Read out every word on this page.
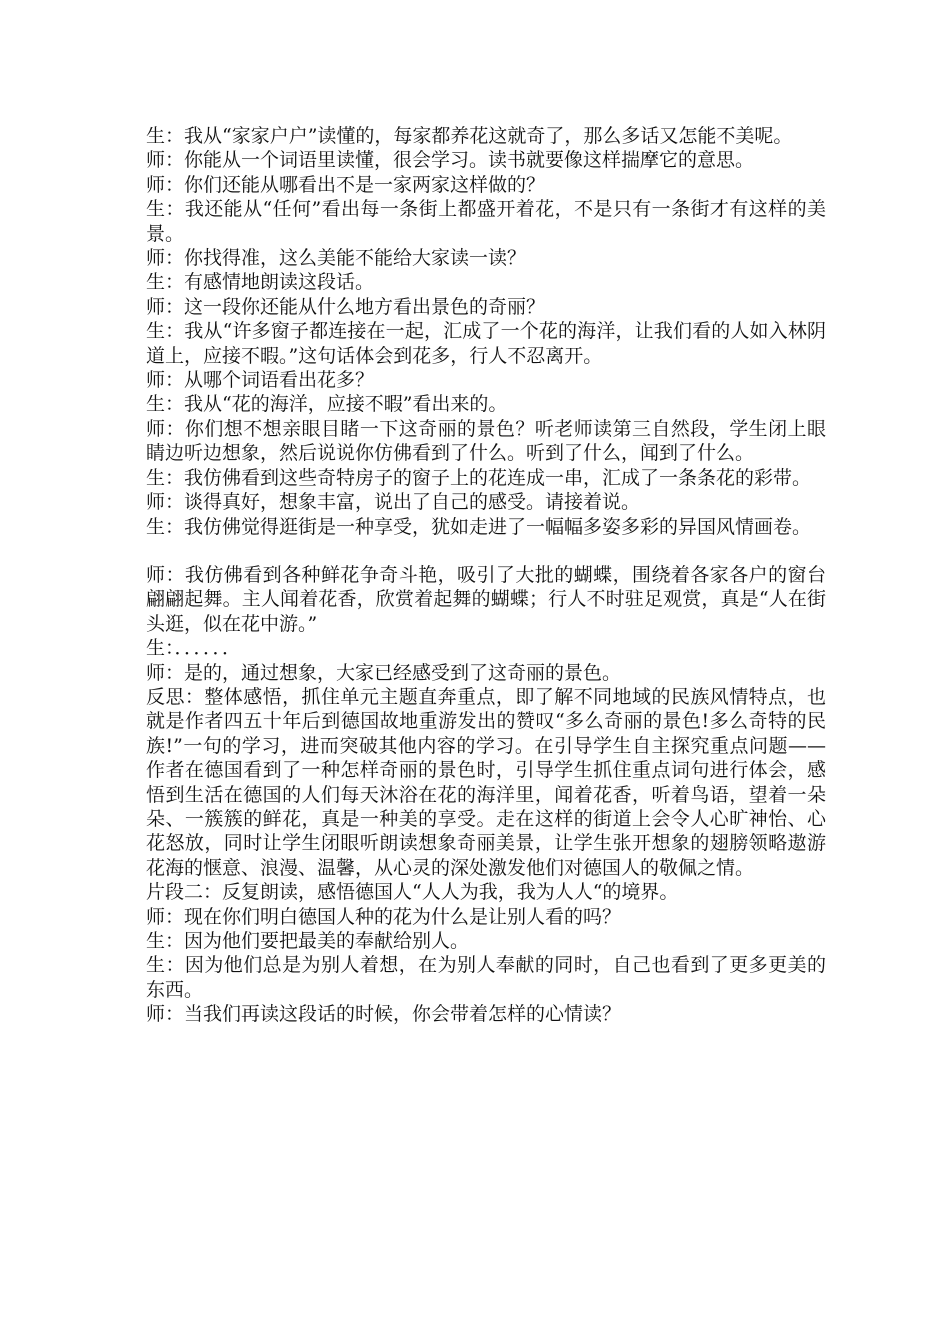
生：我从“家家户户”读懂的，每家都养花这就奇了，那么多话又怎能不美呢。

师：你能从一个词语里读懂，很会学习。读书就要像这样揣摩它的意思。

师：你们还能从哪看出不是一家两家这样做的？

生：我还能从“任何”看出每一条街上都盛开着花，不是只有一条街才有这样的美景。

师：你找得准，这么美能不能给大家读一读？

生：有感情地朗读这段话。

师：这一段你还能从什么地方看出景色的奇丽？

生：我从“许多窗子都连接在一起，汇成了一个花的海洋，让我们看的人如入林阴道上，应接不暇。”这句话体会到花多，行人不忍离开。

师：从哪个词语看出花多？

生：我从“花的海洋，应接不暇”看出来的。

师：你们想不想亲眼目睹一下这奇丽的景色？听老师读第三自然段，学生闭上眼睛边听边想象，然后说说你仿佛看到了什么。听到了什么，闻到了什么。

生：我仿佛看到这些奇特房子的窗子上的花连成一串，汇成了一条条花的彩带。

师：谈得真好，想象丰富，说出了自己的感受。请接着说。

生：我仿佛觉得逛街是一种享受，犹如走进了一幅幅多姿多彩的异国风情画卷。

师：我仿佛看到各种鲜花争奇斗艳，吸引了大批的蝴蝶，围绕着各家各户的窗台翩翩起舞。主人闻着花香，欣赏着起舞的蝴蝶；行人不时驻足观赏，真是“人在街头逛，似在花中游。”

生：．．．．．．

师：是的，通过想象，大家已经感受到了这奇丽的景色。

反思：整体感悟，抓住单元主题直奔重点，即了解不同地域的民族风情特点，也就是作者四五十年后到德国故地重游发出的赞叹“多么奇丽的景色!多么奇特的民族!”一句的学习，进而突破其他内容的学习。在引导学生自主探究重点问题——作者在德国看到了一种怎样奇丽的景色时，引导学生抓住重点词句进行体会，感悟到生活在德国的人们每天沐浴在花的海洋里，闻着花香，听着鸟语，望着一朵朵、一簇簇的鲜花，真是一种美的享受。走在这样的街道上会令人心旷神怡、心花怒放，同时让学生闭眼听朗读想象奇丽美景，让学生张开想象的翅膀领略遨游花海的惬意、浪漫、温馨，从心灵的深处激发他们对德国人的敬佩之情。

片段二：反复朗读，感悟德国人“人人为我，我为人人“的境界。

师：现在你们明白德国人种的花为什么是让别人看的吗？

生：因为他们要把最美的奉献给别人。

生：因为他们总是为别人着想，在为别人奉献的同时，自己也看到了更多更美的东西。

师：当我们再读这段话的时候，你会带着怎样的心情读？
